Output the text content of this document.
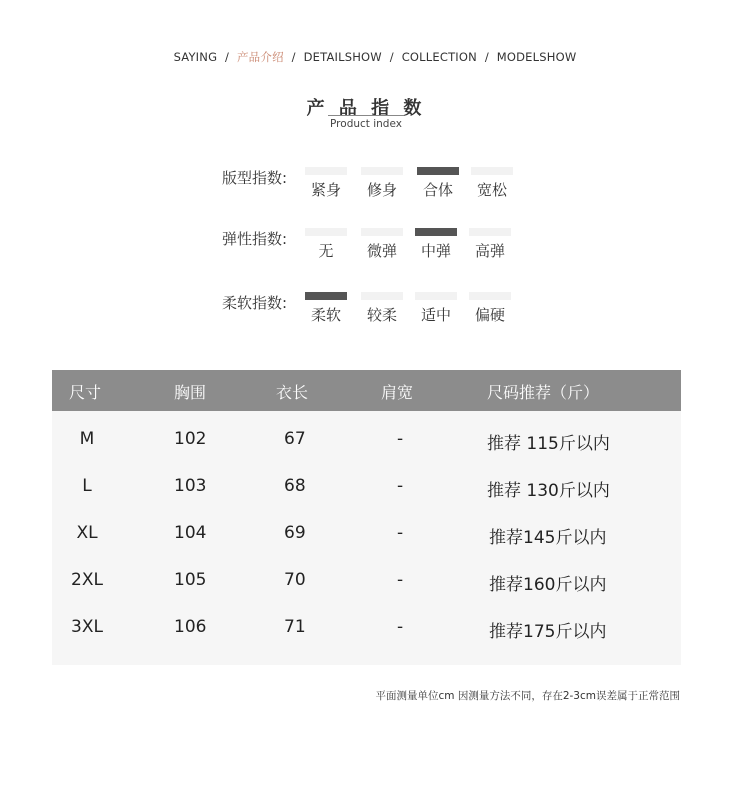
SAYING / 产品介绍 / DETAILSHOW / COLLECTION / MODELSHOW
产 品 指 数
Product index
版型指数:
紧身	修身	合体	宽松
弹性指数:
无	微弹	中弹	高弹
柔软指数:
柔软	较柔	适中	偏硬
尺寸	胸围	衣长	肩宽	尺码推荐（斤）
M	102	67	-	推荐 115斤以内
L	103	68	-	推荐 130斤以内
XL	104	69	-	推荐145斤以内
2XL	105	70	-	推荐160斤以内
3XL	106	71	-	推荐175斤以内
平面测量单位cm 因测量方法不同，存在2-3cm误差属于正常范围
